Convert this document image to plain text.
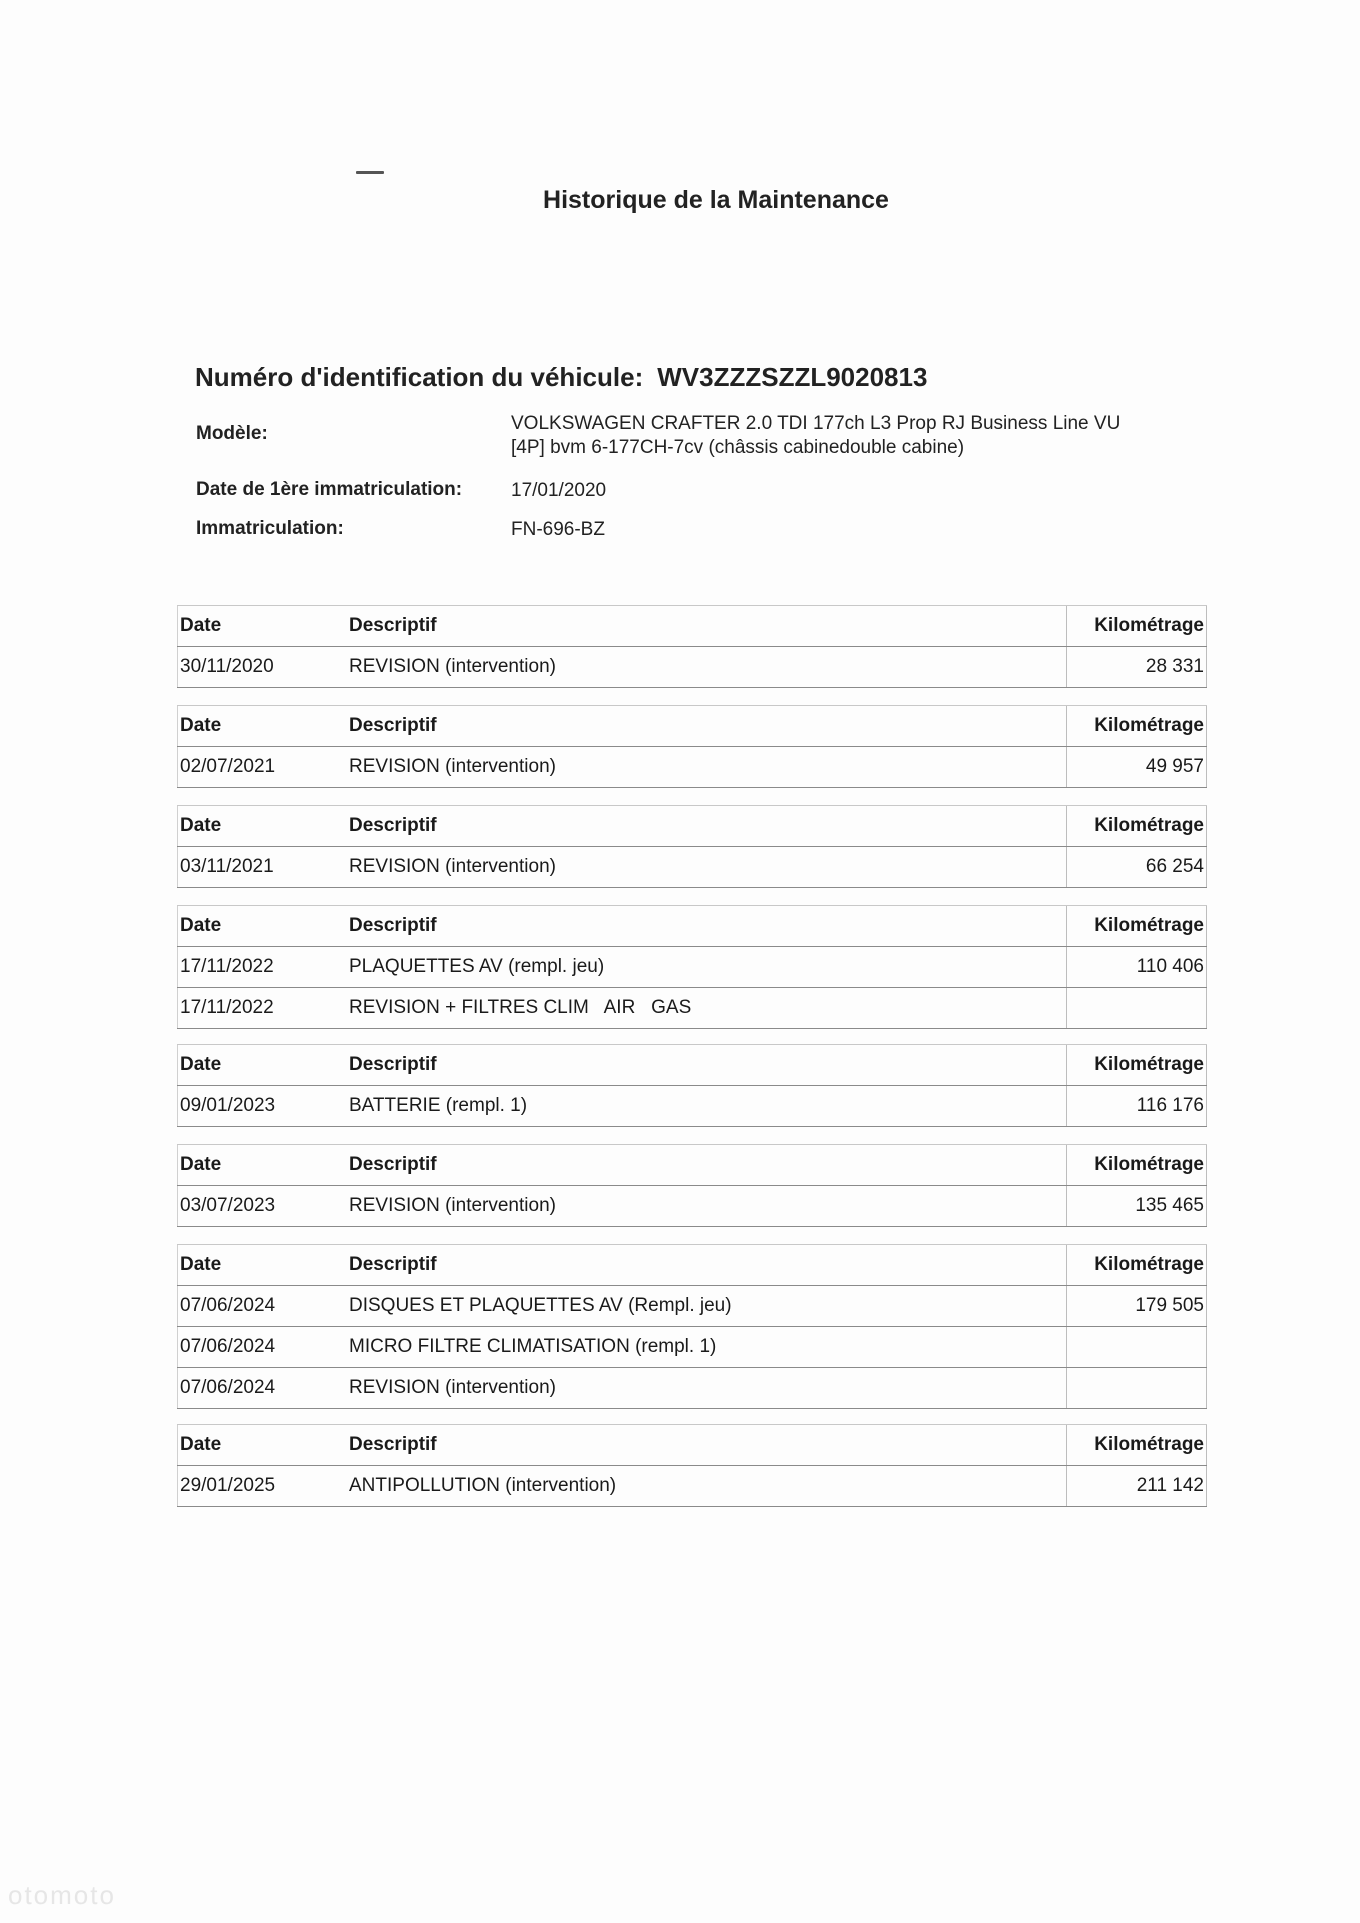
Historique de la Maintenance
Numéro d'identification du véhicule: WV3ZZZSZZL9020813
Modèle:	VOLKSWAGEN CRAFTER 2.0 TDI 177ch L3 Prop RJ Business Line VU
[4P] bvm 6-177CH-7cv (châssis cabinedouble cabine)
Date de 1ère immatriculation:	17/01/2020
Immatriculation:	FN-696-BZ
Date	Descriptif	Kilométrage
30/11/2020	REVISION (intervention)	28 331
Date	Descriptif	Kilométrage
02/07/2021	REVISION (intervention)	49 957
Date	Descriptif	Kilométrage
03/11/2021	REVISION (intervention)	66 254
Date	Descriptif	Kilométrage
17/11/2022	PLAQUETTES AV (rempl. jeu)	110 406
17/11/2022	REVISION + FILTRES CLIM   AIR   GAS
Date	Descriptif	Kilométrage
09/01/2023	BATTERIE (rempl. 1)	116 176
Date	Descriptif	Kilométrage
03/07/2023	REVISION (intervention)	135 465
Date	Descriptif	Kilométrage
07/06/2024	DISQUES ET PLAQUETTES AV (Rempl. jeu)	179 505
07/06/2024	MICRO FILTRE CLIMATISATION (rempl. 1)
07/06/2024	REVISION (intervention)
Date	Descriptif	Kilométrage
29/01/2025	ANTIPOLLUTION (intervention)	211 142
otomoto
